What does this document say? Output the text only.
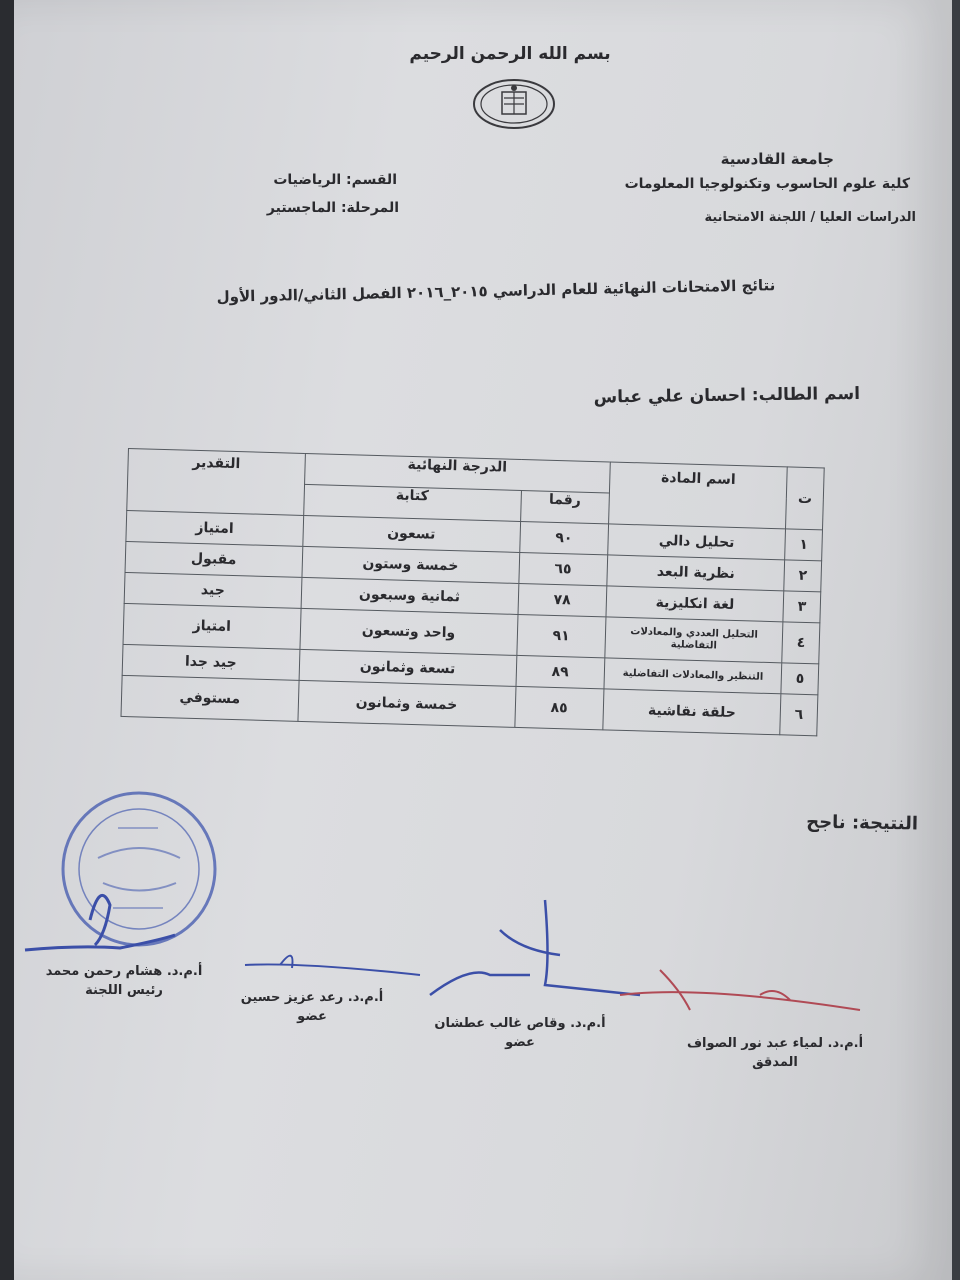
بسم الله الرحمن الرحيم
جامعة القادسية
كلية علوم الحاسوب وتكنولوجيا المعلومات
الدراسات العليا / اللجنة الامتحانية
القسم: الرياضيات
المرحلة: الماجستير
نتائج الامتحانات النهائية للعام الدراسي ٢٠١٥_٢٠١٦ الفصل الثاني/الدور الأول
اسم الطالب: احسان علي عباس
ت	اسم المادة	الدرجة النهائية		التقدير
		رقما	كتابة	
١	تحليل دالي	٩٠	تسعون	امتياز
٢	نظرية البعد	٦٥	خمسة وستون	مقبول
٣	لغة انكليزية	٧٨	ثمانية وسبعون	جيد
٤	التحليل العددي والمعادلات التفاضلية	٩١	واحد وتسعون	امتياز
٥	التنظير والمعادلات التفاضلية	٨٩	تسعة وثمانون	جيد جدا
٦	حلقة نقاشية	٨٥	خمسة وثمانون	مستوفي
النتيجة: ناجح
أ.م.د. هشام رحمن محمد
رئيس اللجنة	أ.م.د. رعد عزيز حسين
عضو	أ.م.د. وقاص غالب عطشان
عضو	أ.م.د. لمياء عبد نور الصواف
المدقق
